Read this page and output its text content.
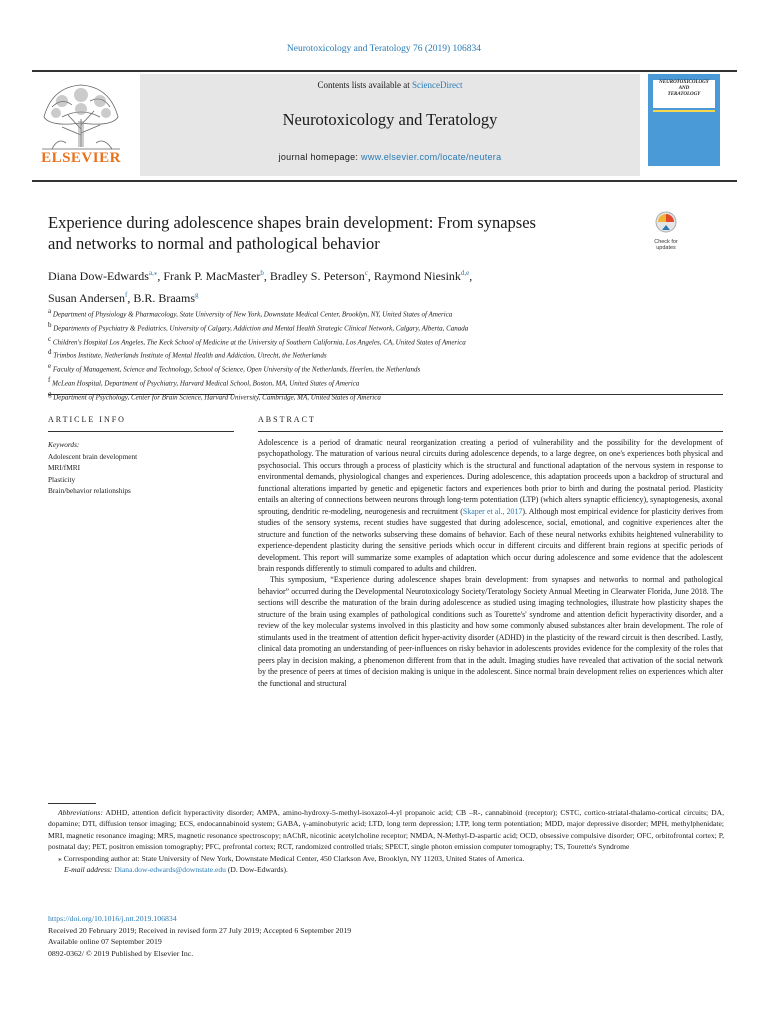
Neurotoxicology and Teratology 76 (2019) 106834
ELSEVIER
Contents lists available at ScienceDirect
Neurotoxicology and Teratology
journal homepage: www.elsevier.com/locate/neutera
NEUROTOXICOLOGY
AND
TERATOLOGY
Experience during adolescence shapes brain development: From synapses
and networks to normal and pathological behavior	Check for
updates
Diana Dow-Edwards$^{a,⁎}$, Frank P. MacMaster$^b$, Bradley S. Peterson$^c$, Raymond Niesink$^{d,e}$,
Susan Andersen$^f$, B.R. Braams$^g$
$^a$ Department of Physiology & Pharmacology, State University of New York, Downstate Medical Center, Brooklyn, NY, United States of America
$^b$ Departments of Psychiatry & Pediatrics, University of Calgary, Addiction and Mental Health Strategic Clinical Network, Calgary, Alberta, Canada
$^c$ Children's Hospital Los Angeles, The Keck School of Medicine at the University of Southern California, Los Angeles, CA, United States of America
$^d$ Trimbos Institute, Netherlands Institute of Mental Health and Addiction, Utrecht, the Netherlands
$^e$ Faculty of Management, Science and Technology, School of Science, Open University of the Netherlands, Heerlen, the Netherlands
$^f$ McLean Hospital, Department of Psychiatry, Harvard Medical School, Boston, MA, United States of America
$^g$ Department of Psychology, Center for Brain Science, Harvard University, Cambridge, MA, United States of America
ARTICLE INFO	ABSTRACT
Keywords:
Adolescent brain development
MRI/fMRI
Plasticity
Brain/behavior relationships

Adolescence is a period of dramatic neural reorganization creating a period of vulnerability and the possibility for the development of psychopathology. The maturation of various neural circuits during adolescence depends, to a large degree, on one's experiences both physical and psychosocial. This occurs through a process of plasticity which is the structural and functional adaptation of the nervous system in response to environmental demands, physiological changes and experiences. During adolescence, this adaptation proceeds upon a backdrop of structural and functional alterations imparted by genetic and epigenetic factors and experiences both prior to birth and during the postnatal period. Plasticity entails an altering of connections between neurons through long-term potentiation (LTP) (which alters synaptic efficiency), synaptogenesis, axonal sprouting, dendritic re-modeling, neurogenesis and recruitment (Skaper et al., 2017). Although most empirical evidence for plasticity derives from studies of the sensory systems, recent studies have suggested that during adolescence, social, emotional, and cognitive experiences alter the structure and function of the networks subserving these domains of behavior. Each of these neural networks exhibits heightened vulnerability to experience-dependent plasticity during the sensitive periods which occur in different circuits and different brain regions at specific periods of development. This report will summarize some examples of adaptation which occur during adolescence and some evidence that the adolescent brain responds differently to stimuli compared to adults and children.

This symposium, “Experience during adolescence shapes brain development: from synapses and networks to normal and pathological behavior” occurred during the Developmental Neurotoxicology Society/Teratology Society Annual Meeting in Clearwater Florida, June 2018. The sections will describe the maturation of the brain during adolescence as studied using imaging technologies, illustrate how plasticity shapes the structure of the brain using examples of pathological conditions such as Tourette's' syndrome and attention deficit hyperactivity disorder, and a review of the key molecular systems involved in this plasticity and how some commonly abused substances alter brain development. The role of stimulants used in the treatment of attention deficit hyper-activity disorder (ADHD) in the plasticity of the reward circuit is then described. Lastly, clinical data promoting an understanding of peer-influences on risky behavior in adolescents provides evidence for the complexity of the roles that peers play in decision making, a phenomenon different from that in the adult. Imaging studies have revealed that activation of the social network by the presence of peers at times of decision making is unique in the adolescent. Since normal brain development relies on experiences which alter the functional and structural

Abbreviations: ADHD, attention deficit hyperactivity disorder; AMPA, amino-hydroxy-5-methyl-isoxazol-4-yl propanoic acid; CB –R-, cannabinoid (receptor); CSTC, cortico-striatal-thalamo-cortical circuits; DA, dopamine; DTI, diffusion tensor imaging; ECS, endocannabinoid system; GABA, γ-aminobutyric acid; LTD, long term depression; LTP, long term potentiation; MDD, major depressive disorder; MPH, methylphenidate; MRI, magnetic resonance imaging; MRS, magnetic resonance spectroscopy; nAChR, nicotinic acetylcholine receptor; NMDA, N-Methyl-D-aspartic acid; OCD, obsessive compulsive disorder; OFC, orbitofrontal cortex; P, postnatal day; PET, positron emission tomography; PFC, prefrontal cortex; RCT, randomized controlled trials; SPECT, single photon emission computer tomography; TS, Tourette's Syndrome

⁎ Corresponding author at: State University of New York, Downstate Medical Center, 450 Clarkson Ave, Brooklyn, NY 11203, United States of America.

E-mail address: Diana.dow-edwards@downstate.edu (D. Dow-Edwards).

https://doi.org/10.1016/j.ntt.2019.106834
Received 20 February 2019; Received in revised form 27 July 2019; Accepted 6 September 2019
Available online 07 September 2019
0892-0362/ © 2019 Published by Elsevier Inc.
